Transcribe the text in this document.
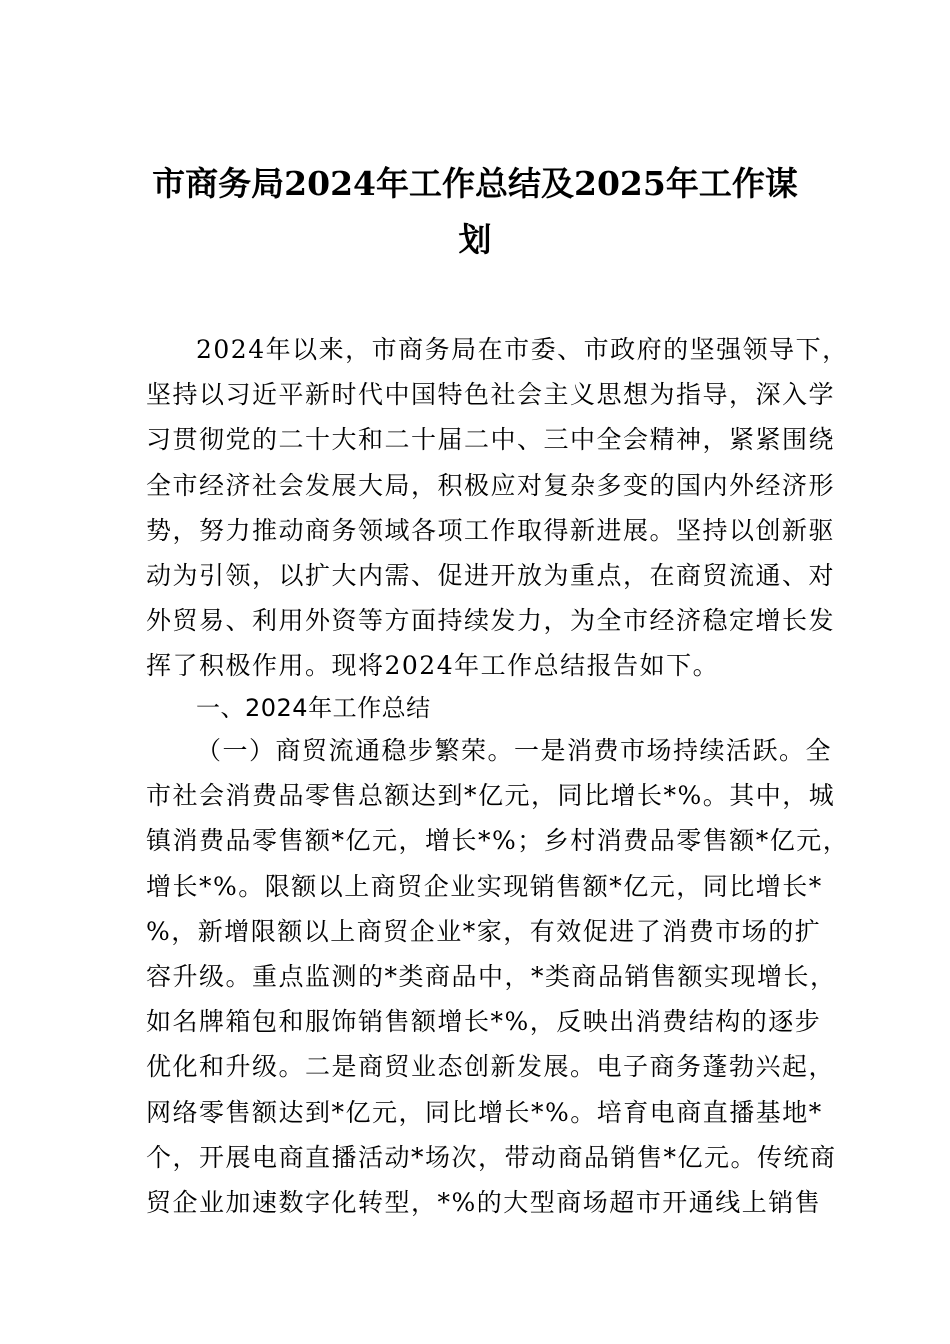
市商务局2024年工作总结及2025年工作谋
划
2024年以来，市商务局在市委、市政府的坚强领导下，
坚持以习近平新时代中国特色社会主义思想为指导，深入学
习贯彻党的二十大和二十届二中、三中全会精神，紧紧围绕
全市经济社会发展大局，积极应对复杂多变的国内外经济形
势，努力推动商务领域各项工作取得新进展。坚持以创新驱
动为引领，以扩大内需、促进开放为重点，在商贸流通、对
外贸易、利用外资等方面持续发力，为全市经济稳定增长发
挥了积极作用。现将2024年工作总结报告如下。
一、2024年工作总结
（一）商贸流通稳步繁荣。一是消费市场持续活跃。全
市社会消费品零售总额达到*亿元，同比增长*%。其中，城
镇消费品零售额*亿元，增长*%；乡村消费品零售额*亿元，
增长*%。限额以上商贸企业实现销售额*亿元，同比增长*
%，新增限额以上商贸企业*家，有效促进了消费市场的扩
容升级。重点监测的*类商品中，*类商品销售额实现增长，
如名牌箱包和服饰销售额增长*%，反映出消费结构的逐步
优化和升级。二是商贸业态创新发展。电子商务蓬勃兴起，
网络零售额达到*亿元，同比增长*%。培育电商直播基地*
个，开展电商直播活动*场次，带动商品销售*亿元。传统商
贸企业加速数字化转型，*%的大型商场超市开通线上销售
